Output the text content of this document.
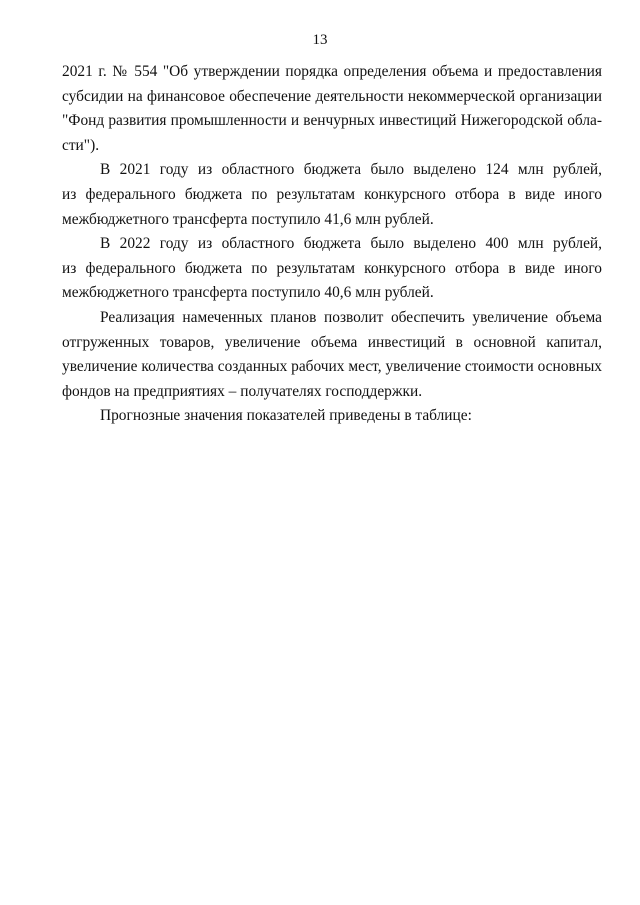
13
2021 г. № 554 "Об утверждении порядка определения объема и предоставления
субсидии на финансовое обеспечение деятельности некоммерческой организации
"Фонд развития промышленности и венчурных инвестиций Нижегородской обла-
сти").
В 2021 году из областного бюджета было выделено 124 млн рублей,
из федерального бюджета по результатам конкурсного отбора в виде иного
межбюджетного трансферта поступило 41,6 млн рублей.
В 2022 году из областного бюджета было выделено 400 млн рублей,
из федерального бюджета по результатам конкурсного отбора в виде иного
межбюджетного трансферта поступило 40,6 млн рублей.
Реализация намеченных планов позволит обеспечить увеличение объема
отгруженных товаров, увеличение объема инвестиций в основной капитал,
увеличение количества созданных рабочих мест, увеличение стоимости основных
фондов на предприятиях – получателях господдержки.
Прогнозные значения показателей приведены в таблице:
